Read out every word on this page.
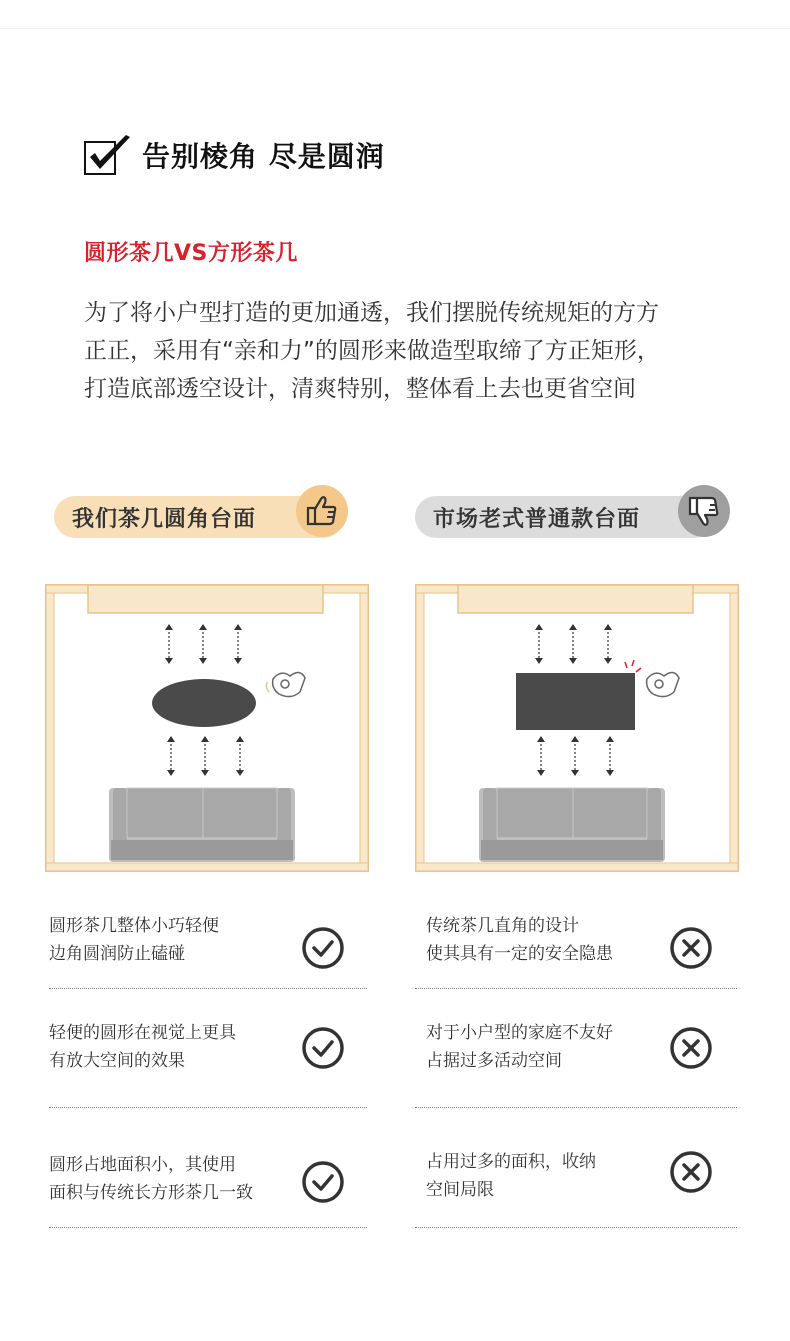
告别棱角 尽是圆润
圆形茶几VS方形茶几
为了将小户型打造的更加通透，我们摆脱传统规矩的方方
正正，采用有“亲和力”的圆形来做造型取缔了方正矩形，
打造底部透空设计，清爽特别，整体看上去也更省空间
我们茶几圆角台面	市场老式普通款台面
圆形茶几整体小巧轻便
边角圆润防止磕碰
轻便的圆形在视觉上更具
有放大空间的效果
圆形占地面积小，其使用
面积与传统长方形茶几一致
传统茶几直角的设计
使其具有一定的安全隐患
对于小户型的家庭不友好
占据过多活动空间
占用过多的面积，收纳
空间局限
